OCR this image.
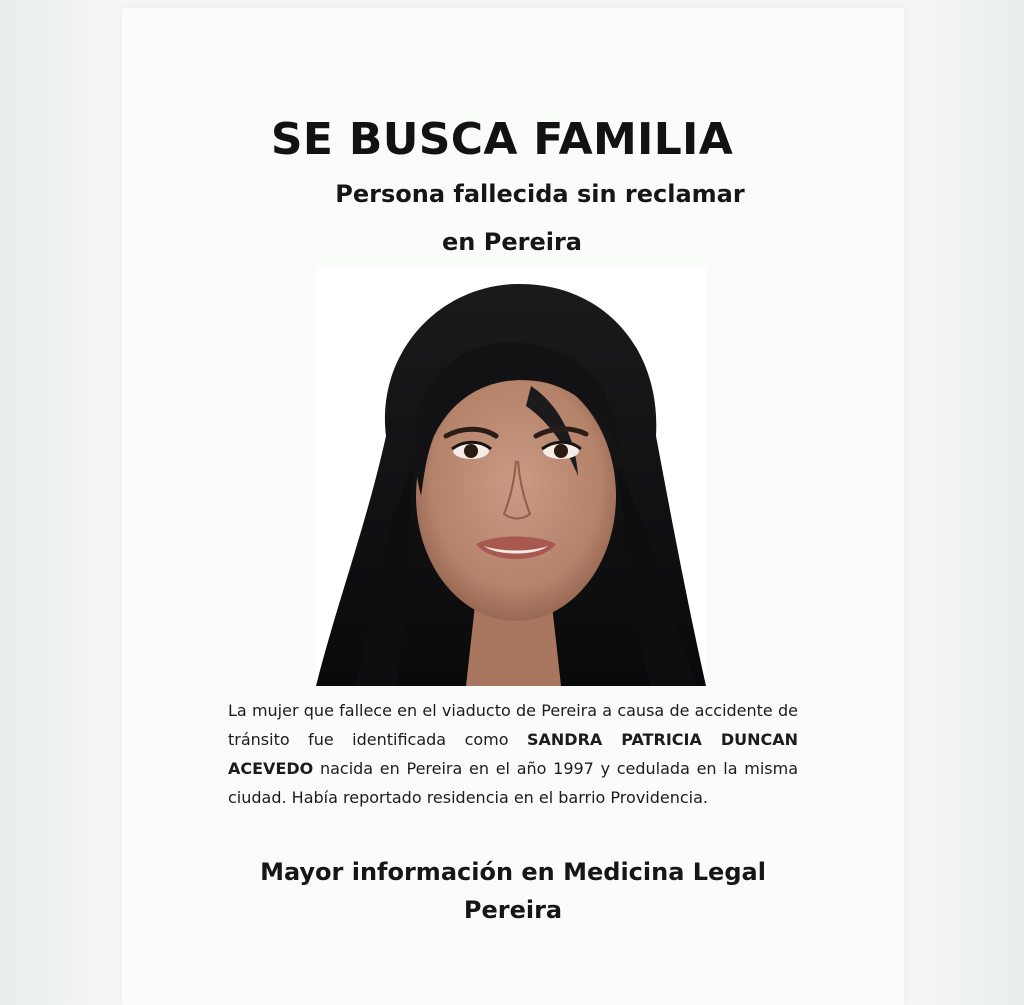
SE BUSCA FAMILIA
Persona fallecida sin reclamar
en Pereira

La mujer que fallece en el viaducto de Pereira a causa de accidente de tránsito fue identificada como SANDRA PATRICIA DUNCAN ACEVEDO nacida en Pereira en el año 1997 y cedulada en la misma ciudad. Había reportado residencia en el barrio Providencia.

Mayor información en Medicina Legal
Pereira
